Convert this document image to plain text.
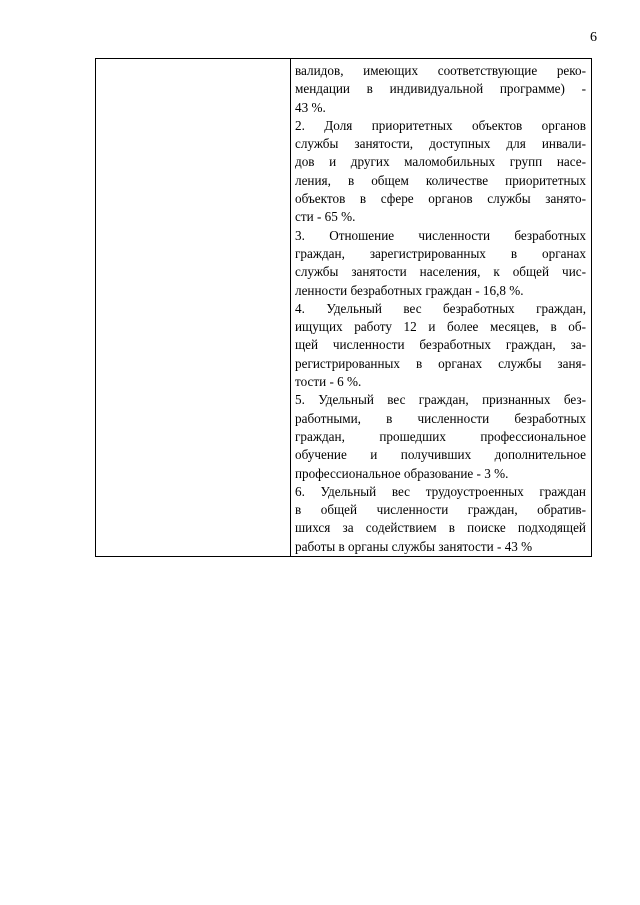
6

валидов, имеющих соответствующие реко-
мендации в индивидуальной программе) -
43 %.
2. Доля приоритетных объектов органов
службы занятости, доступных для инвали-
дов и других маломобильных групп насе-
ления, в общем количестве приоритетных
объектов в сфере органов службы занято-
сти - 65 %.
3. Отношение численности безработных
граждан, зарегистрированных в органах
службы занятости населения, к общей чис-
ленности безработных граждан - 16,8 %.
4. Удельный вес безработных граждан,
ищущих работу 12 и более месяцев, в об-
щей численности безработных граждан, за-
регистрированных в органах службы заня-
тости - 6 %.
5. Удельный вес граждан, признанных без-
работными, в численности безработных
граждан, прошедших профессиональное
обучение и получивших дополнительное
профессиональное образование - 3 %.
6. Удельный вес трудоустроенных граждан
в общей численности граждан, обратив-
шихся за содействием в поиске подходящей
работы в органы службы занятости - 43 %
